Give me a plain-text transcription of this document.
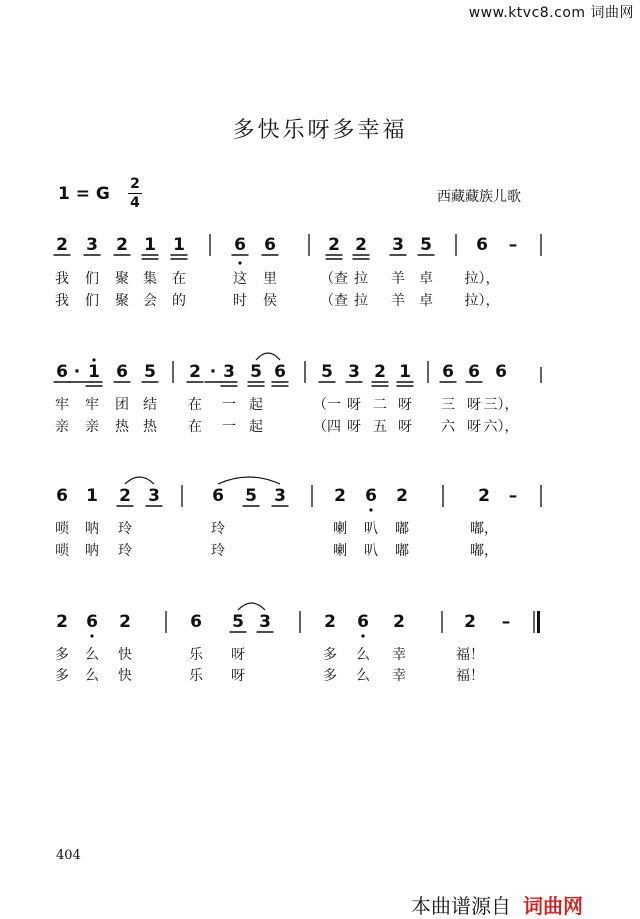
www.ktvc8.com 词曲网
多快乐呀多幸福
1 = G 2
4	西藏藏族儿歌
2 3 2 1 1	6 6	2 2 3 5	6 –
我 们 聚 集 在	这 里	（查 拉 羊 卓 拉），
我 们 聚 会 的	时 侯	（查 拉 羊 卓 拉），
6 · 1 6 5 2 · 3 5 6 5 3 2 1 6 6 6
牢 牢 团 结 在 一 起	（一 呀 二 呀 三 呀 三），
亲 亲 热 热 在 一 起	（四 呀 五 呀 六 呀 六），
6 1 2 3	6 5 3	2 6 2	2 –
唢 呐 玲	玲	喇 叭 嘟	嘟，
唢 呐 玲	玲	喇 叭 嘟	嘟，
2 6 2	6 5 3	2 6 2	2 –
多 么 快	乐 呀	多 么 幸	福！
多 么 快	乐 呀	多 么 幸	福！
404
本曲谱源自 词曲网
